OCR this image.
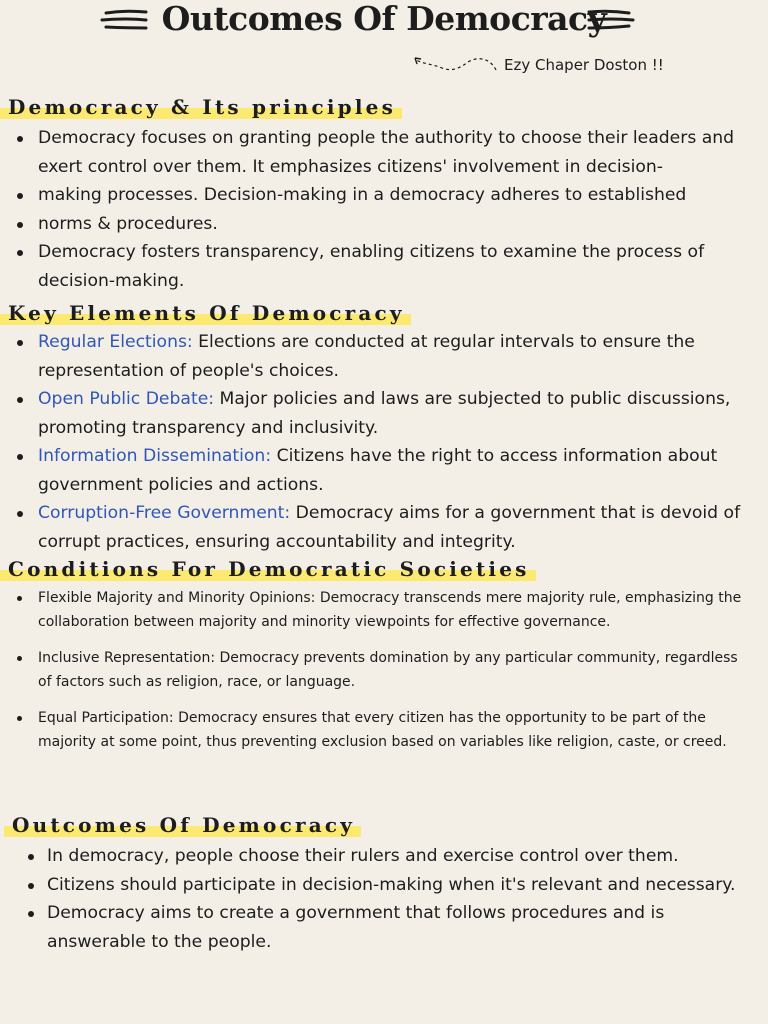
Outcomes Of Democracy
Ezy Chaper Doston !!
Democracy & Its principles
Democracy focuses on granting people the authority to choose their leaders and exert control over them. It emphasizes citizens' involvement in decision-
making processes. Decision-making in a democracy adheres to established
norms & procedures.
Democracy fosters transparency, enabling citizens to examine the process of decision-making.
Key Elements Of Democracy
Regular Elections: Elections are conducted at regular intervals to ensure the representation of people's choices.
Open Public Debate: Major policies and laws are subjected to public discussions, promoting transparency and inclusivity.
Information Dissemination: Citizens have the right to access information about government policies and actions.
Corruption-Free Government: Democracy aims for a government that is devoid of corrupt practices, ensuring accountability and integrity.
Conditions For Democratic Societies
Flexible Majority and Minority Opinions: Democracy transcends mere majority rule, emphasizing the collaboration between majority and minority viewpoints for effective governance.
Inclusive Representation: Democracy prevents domination by any particular community, regardless of factors such as religion, race, or language.
Equal Participation: Democracy ensures that every citizen has the opportunity to be part of the majority at some point, thus preventing exclusion based on variables like religion, caste, or creed.
Outcomes Of Democracy
In democracy, people choose their rulers and exercise control over them.
Citizens should participate in decision-making when it's relevant and necessary.
Democracy aims to create a government that follows procedures and is answerable to the people.
